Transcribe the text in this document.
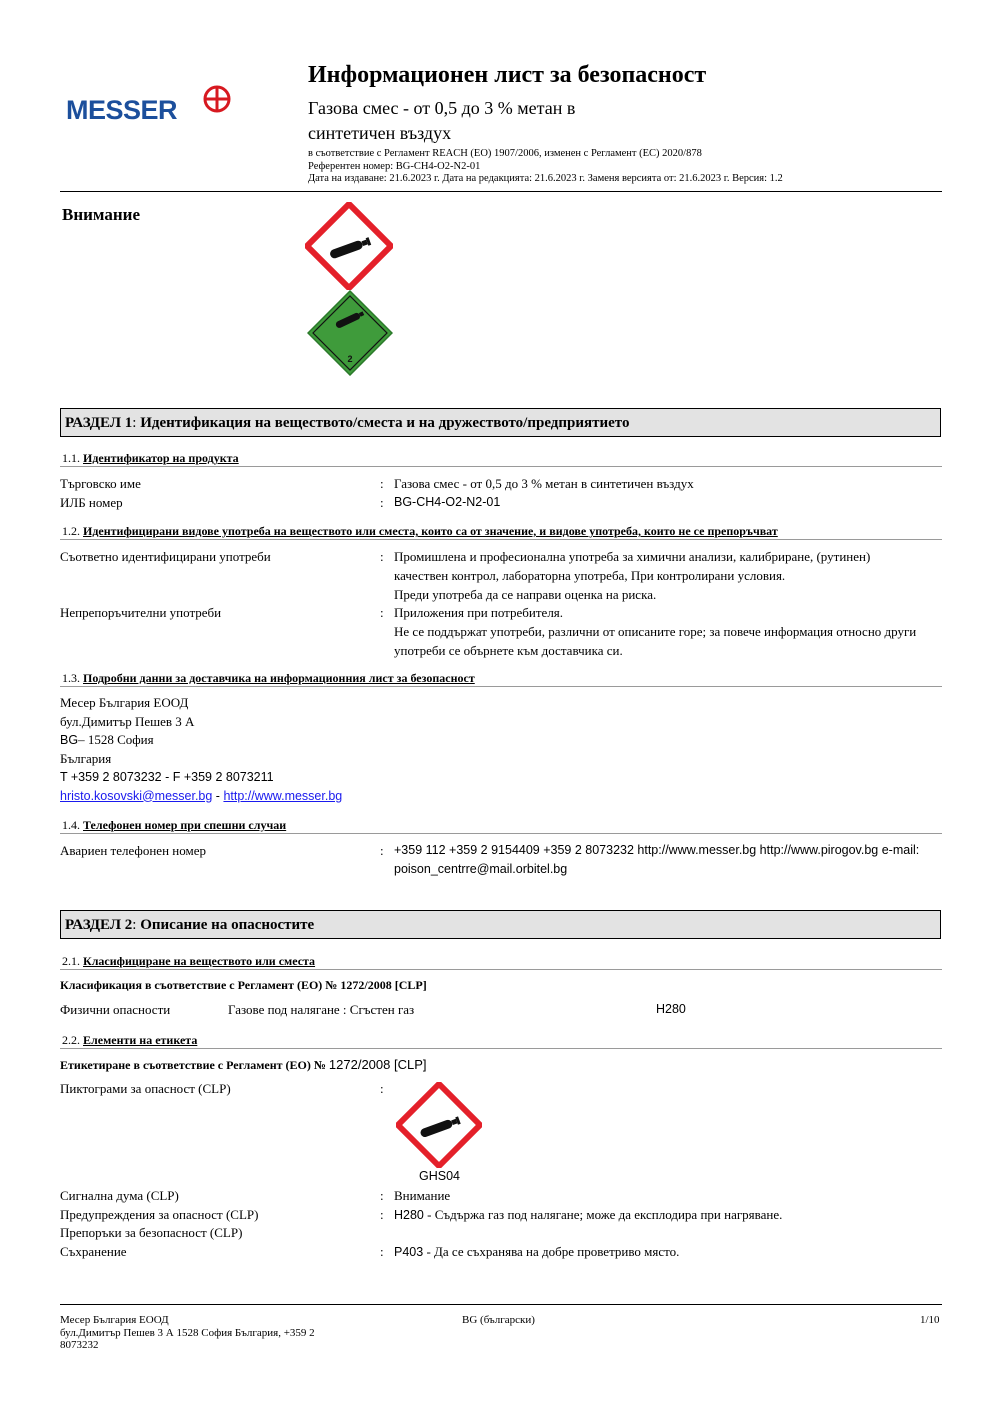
MESSER
Информационен лист за безопасност
Газова смес - от 0,5 до 3 % метан в
синтетичен въздух
в съответствие с Регламент REACH (ЕО) 1907/2006, изменен с Регламент (ЕС) 2020/878
Референтен номер: BG-CH4-O2-N2-01
Дата на издаване: 21.6.2023 г. Дата на редакцията: 21.6.2023 г. Заменя версията от: 21.6.2023 г. Версия: 1.2
Внимание
2
РАЗДЕЛ 1: Идентификация на веществото/сместа и на дружеството/предприятието
1.1. Идентификатор на продукта
Търговско име	: Газова смес - от 0,5 до 3 % метан в синтетичен въздух
ИЛБ номер	: BG-CH4-O2-N2-01
1.2. Идентифицирани видове употреба на веществото или сместа, които са от значение, и видове употреба, които не се препоръчват
Съответно идентифицирани употреби	: Промишлена и професионална употреба за химични анализи, калибриране, (рутинен)
качествен контрол, лабораторна употреба, При контролирани условия.
Преди употреба да се направи оценка на риска.
Непрепоръчителни употреби	: Приложения при потребителя.
Не се поддържат употреби, различни от описаните горе; за повече информация относно други
употреби се обърнете към доставчика си.
1.3. Подробни данни за доставчика на информационния лист за безопасност
Месер България ЕООД
бул.Димитър Пешев 3 А
BG– 1528 София
България
T +359 2 8073232 - F +359 2 8073211
hristo.kosovski@messer.bg - http://www.messer.bg
1.4. Телефонен номер при спешни случаи
Авариен телефонен номер	: +359 112 +359 2 9154409 +359 2 8073232 http://www.messer.bg http://www.pirogov.bg e-mail:
poison_centrre@mail.orbitel.bg
РАЗДЕЛ 2: Описание на опасностите
2.1. Класифициране на веществото или сместа
Класификация в съответствие с Регламент (ЕО) № 1272/2008 [CLP]
Физични опасности	Газове под налягане : Сгъстен газ	H280
2.2. Елементи на етикета
Етикетиране в съответствие с Регламент (ЕО) № 1272/2008 [CLP]
Пиктограми за опасност (CLP)	:
GHS04
Сигнална дума (CLP)	: Внимание
Предупреждения за опасност (CLP)	: H280 - Съдържа газ под налягане; може да експлодира при нагряване.
Препоръки за безопасност (CLP)
Съхранение	: P403 - Да се съхранява на добре проветриво място.
Месер България ЕООД
бул.Димитър Пешев 3 А 1528 София България, +359 2
8073232
BG (български)	1/10
